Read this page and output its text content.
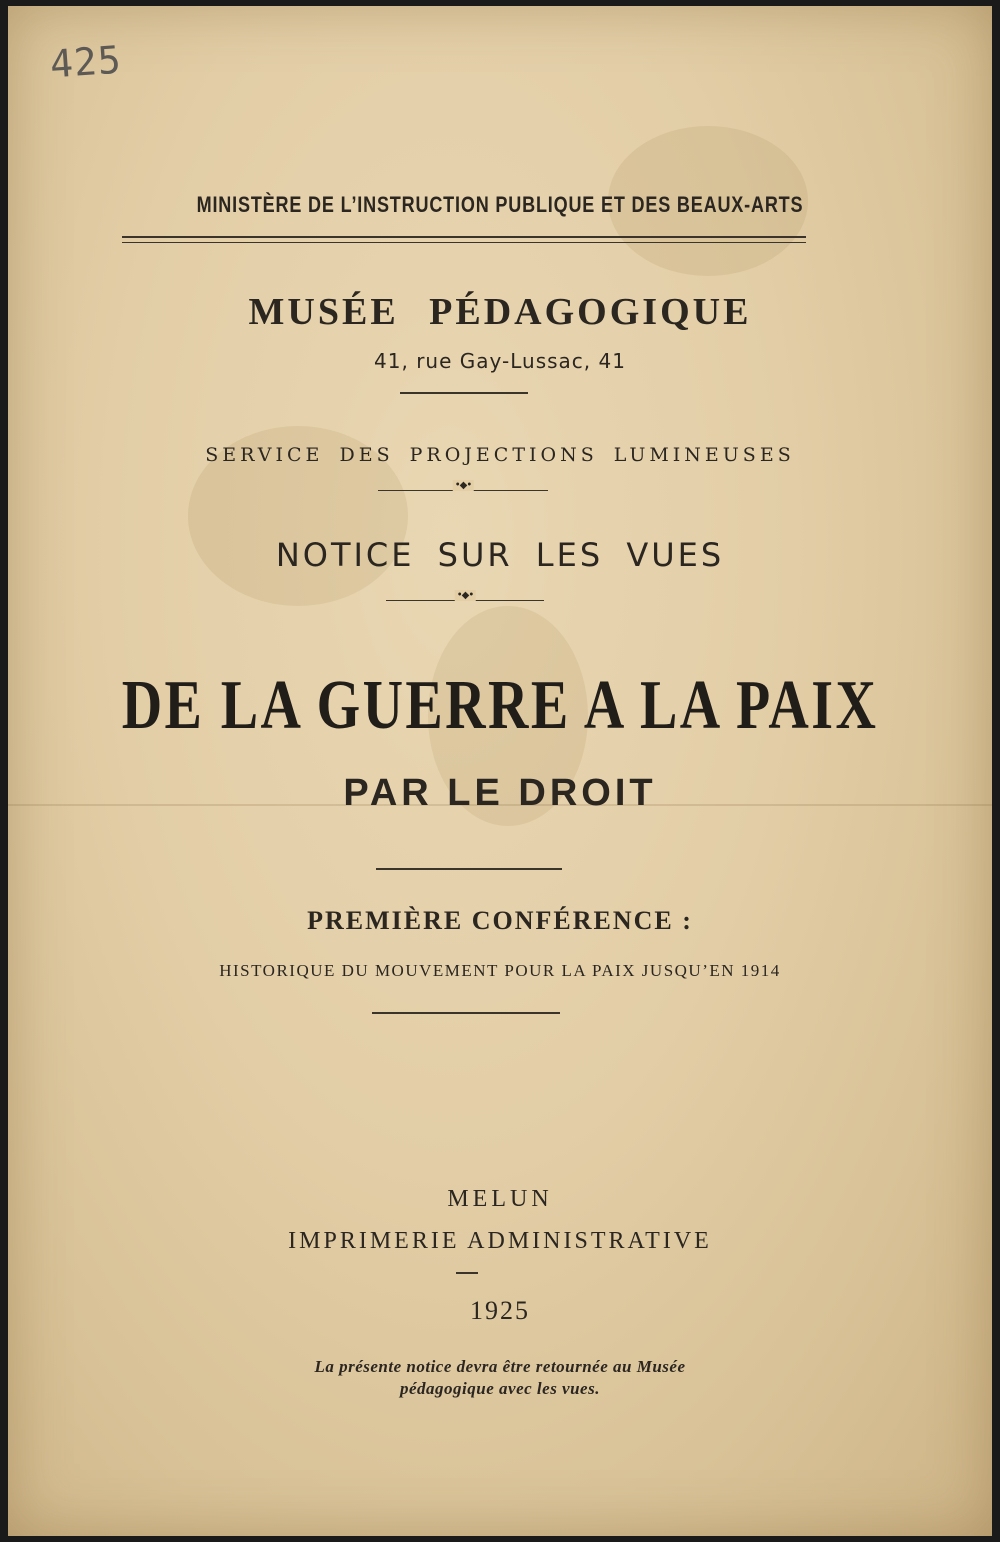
425
MINISTÈRE DE L’INSTRUCTION PUBLIQUE ET DES BEAUX-ARTS
MUSÉE PÉDAGOGIQUE
41, rue Gay-Lussac, 41
SERVICE DES PROJECTIONS LUMINEUSES
•◆•
NOTICE SUR LES VUES
•◆•
DE LA GUERRE A LA PAIX
PAR LE DROIT
PREMIÈRE CONFÉRENCE :
HISTORIQUE DU MOUVEMENT POUR LA PAIX JUSQU’EN 1914
MELUN
IMPRIMERIE ADMINISTRATIVE
1925
La présente notice devra être retournée au Musée
pédagogique avec les vues.
